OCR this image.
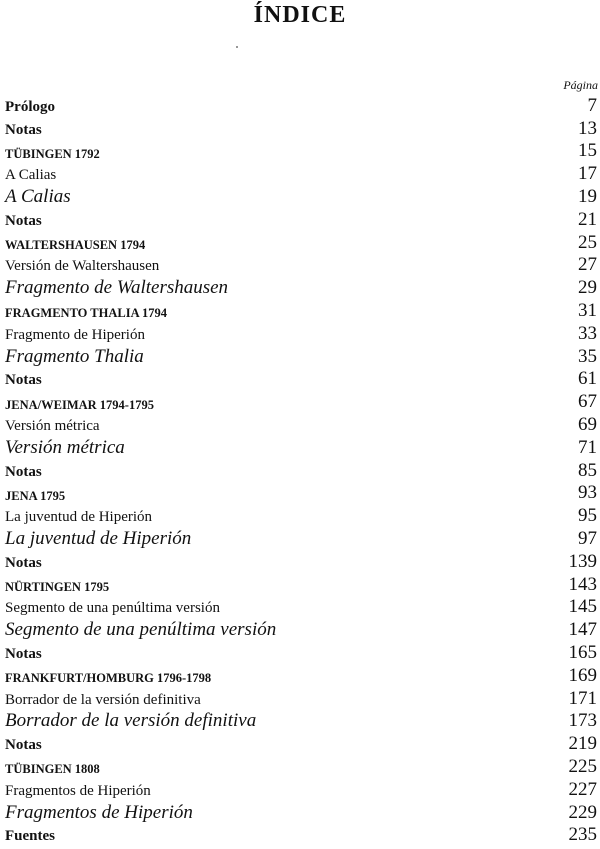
ÍNDICE
Página
Prólogo	7
Notas	13
TÜBINGEN 1792	15
A Calias	17
A Calias	19
Notas	21
WALTERSHAUSEN 1794	25
Versión de Waltershausen	27
Fragmento de Waltershausen	29
FRAGMENTO THALIA 1794	31
Fragmento de Hiperión	33
Fragmento Thalia	35
Notas	61
JENA/WEIMAR 1794-1795	67
Versión métrica	69
Versión métrica	71
Notas	85
JENA 1795	93
La juventud de Hiperión	95
La juventud de Hiperión	97
Notas	139
NÜRTINGEN 1795	143
Segmento de una penúltima versión	145
Segmento de una penúltima versión	147
Notas	165
FRANKFURT/HOMBURG 1796-1798	169
Borrador de la versión definitiva	171
Borrador de la versión definitiva	173
Notas	219
TÜBINGEN 1808	225
Fragmentos de Hiperión	227
Fragmentos de Hiperión	229
Fuentes	235
